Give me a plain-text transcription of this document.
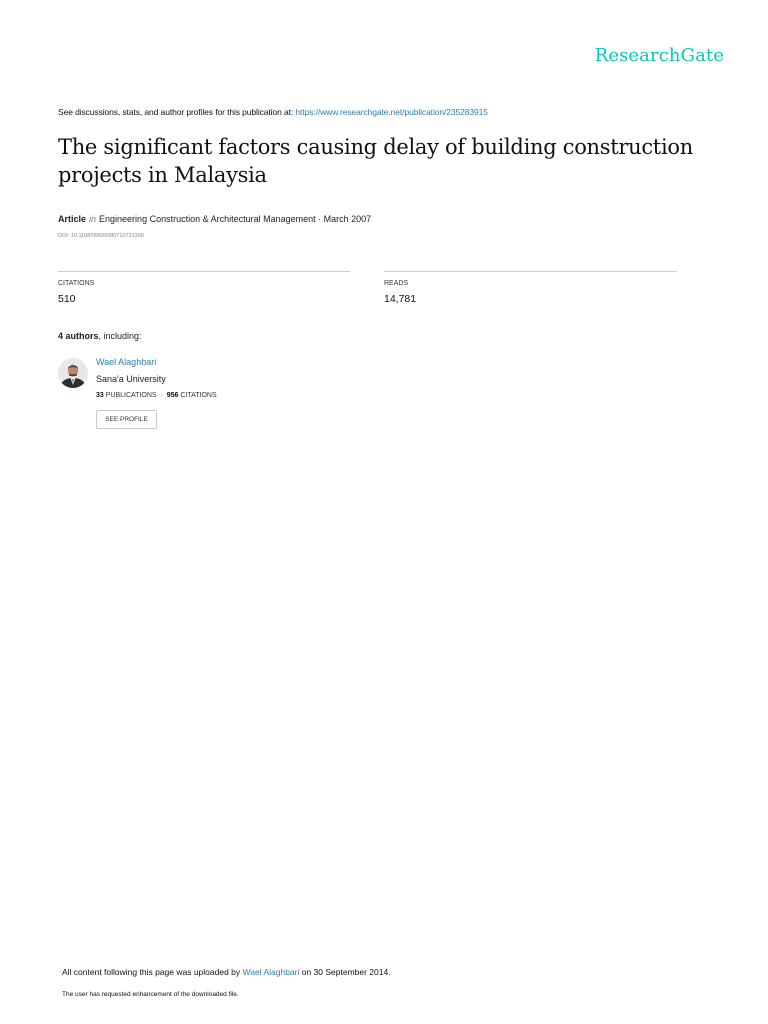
ResearchGate
See discussions, stats, and author profiles for this publication at: https://www.researchgate.net/publication/235283915
The significant factors causing delay of building construction projects in Malaysia
Article in Engineering Construction & Architectural Management · March 2007
DOI: 10.1108/09699980710731308
CITATIONS
510
READS
14,781
4 authors, including:
Wael Alaghbari
Sana'a University
33 PUBLICATIONS  ·  956 CITATIONS
SEE PROFILE
All content following this page was uploaded by Wael Alaghbari on 30 September 2014.
The user has requested enhancement of the downloaded file.
